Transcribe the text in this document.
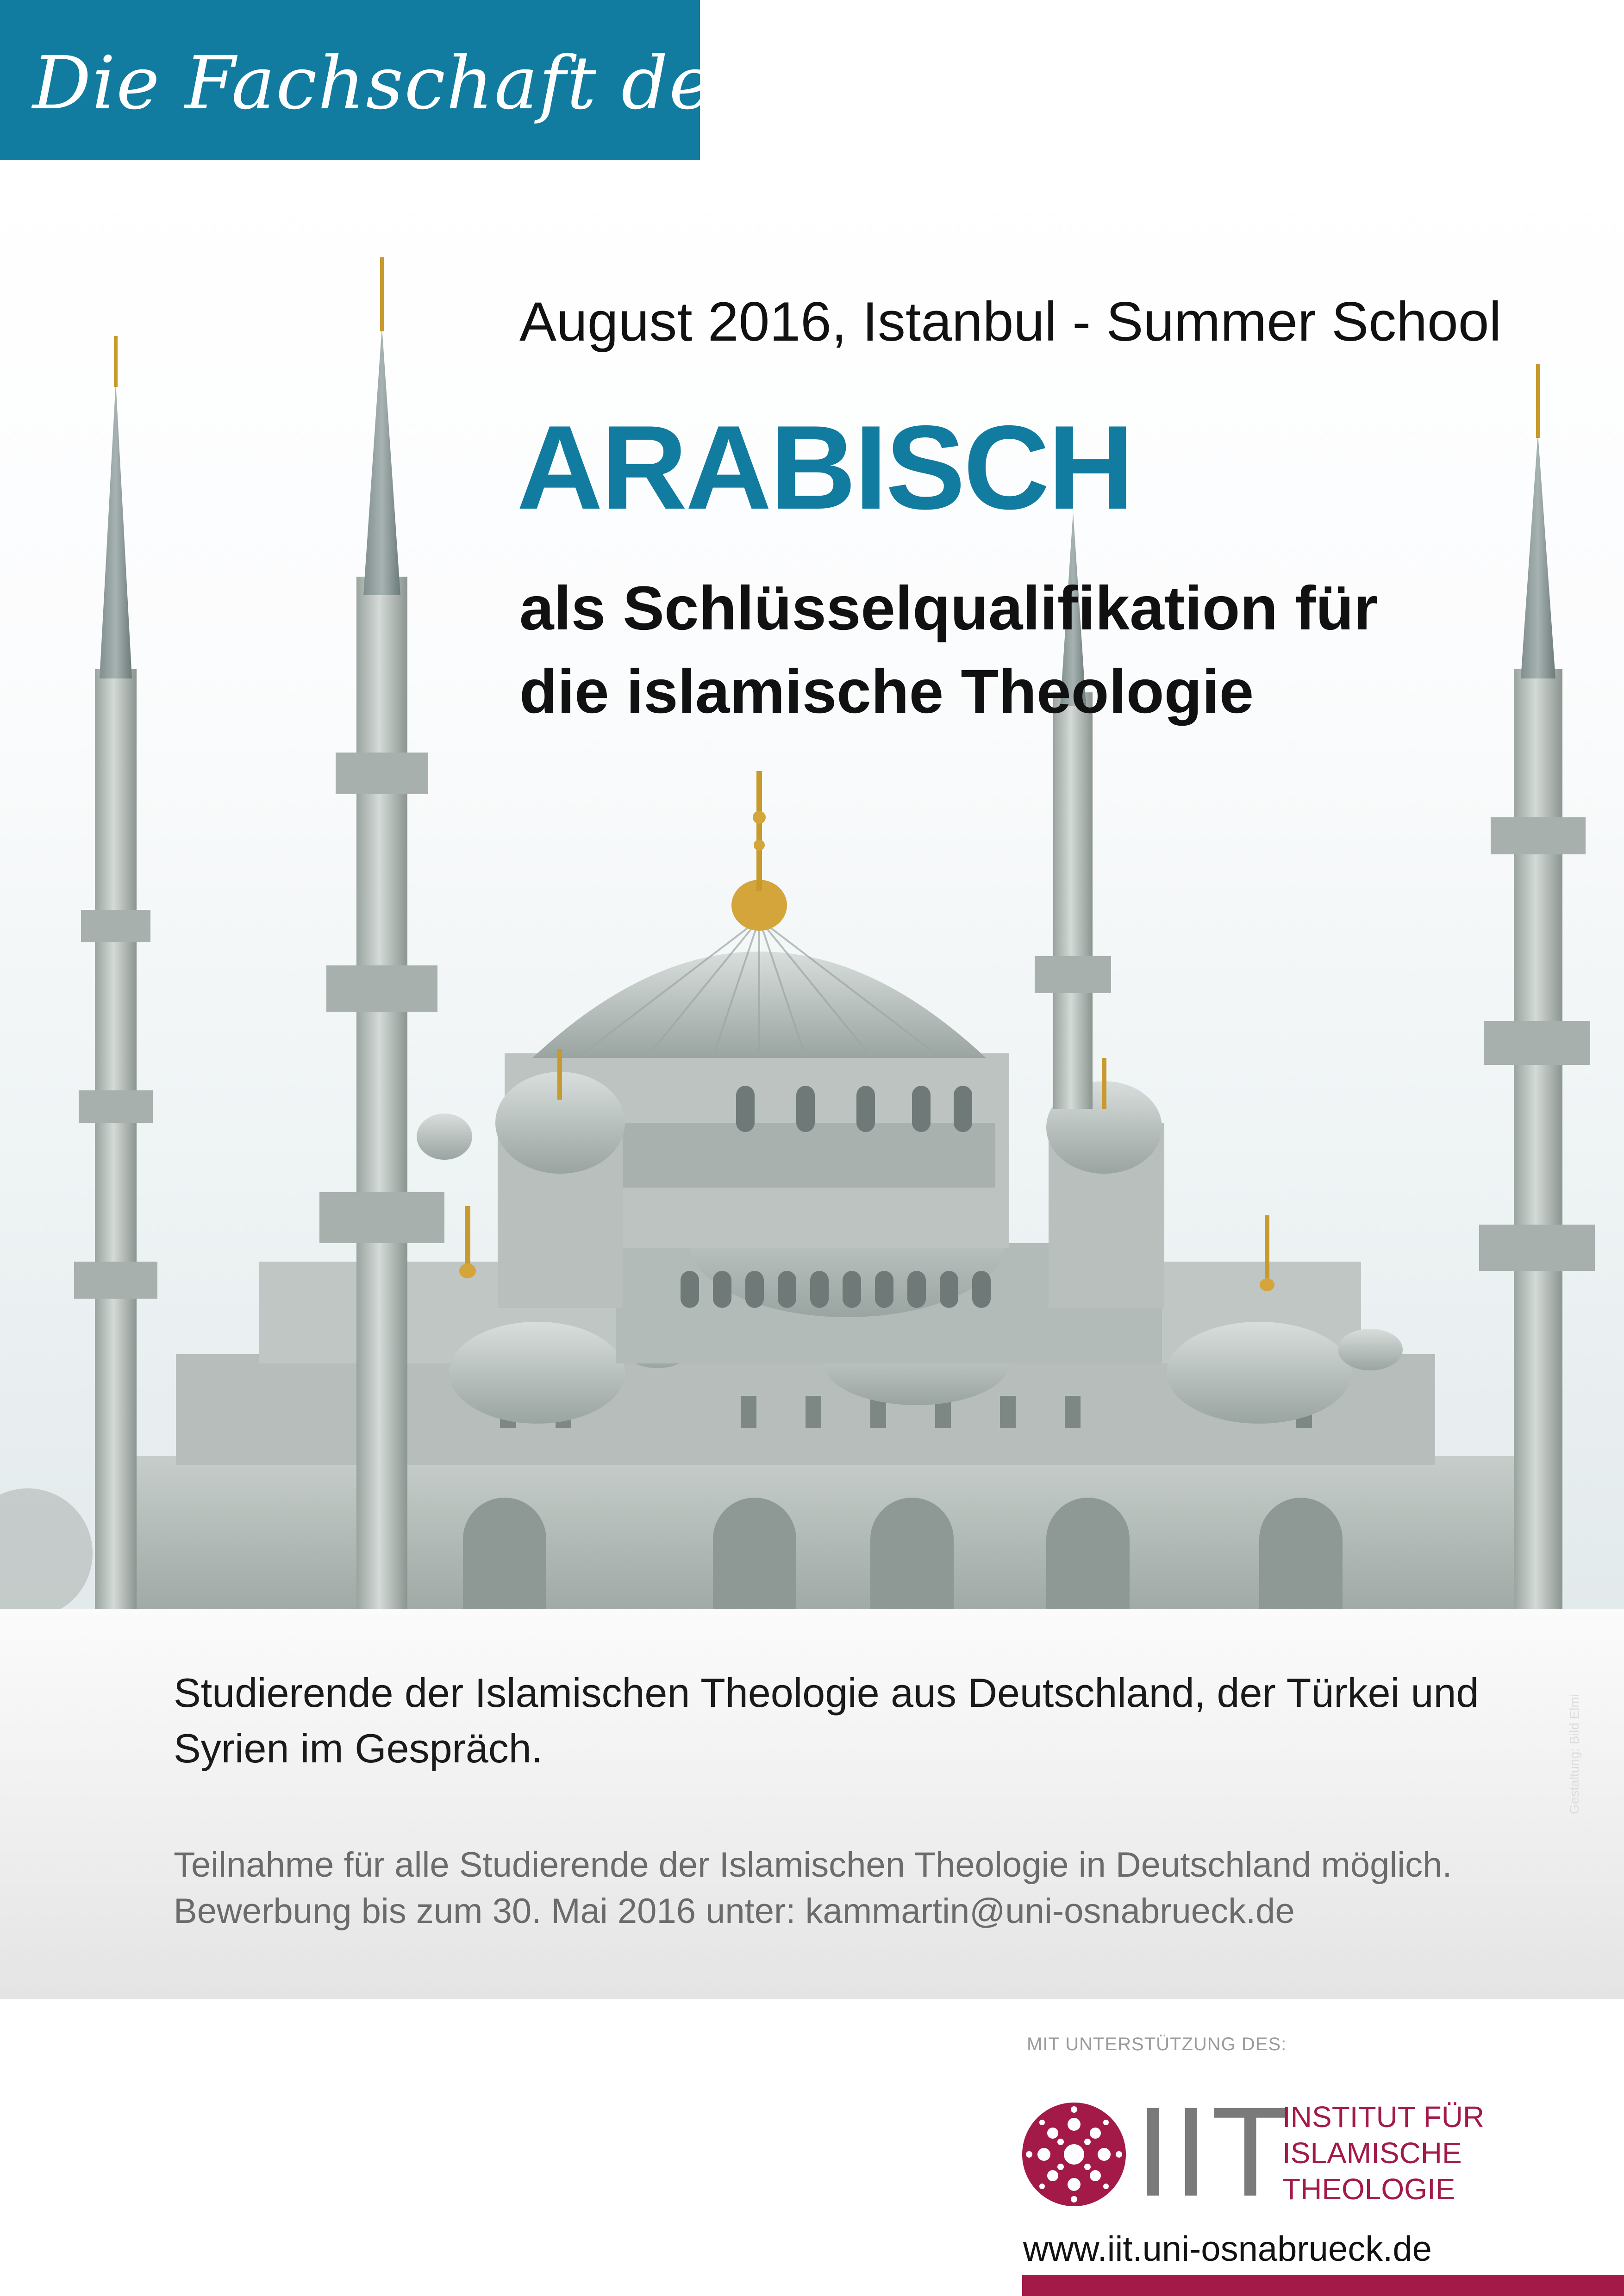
Die Fachschaft des IIT
August 2016, Istanbul - Summer School
ARABISCH
als Schlüsselqualifikation für
die islamische Theologie
Studierende der Islamischen Theologie aus Deutschland, der Türkei und
Syrien im Gespräch.
Teilnahme für alle Studierende der Islamischen Theologie in Deutschland möglich.
Bewerbung bis zum 30. Mai 2016 unter: kammartin@uni-osnabrueck.de
Gestaltung: Bild Elmi
MIT UNTERSTÜTZUNG DES:
IIT
INSTITUT FÜR
ISLAMISCHE
THEOLOGIE
www.iit.uni-osnabrueck.de
